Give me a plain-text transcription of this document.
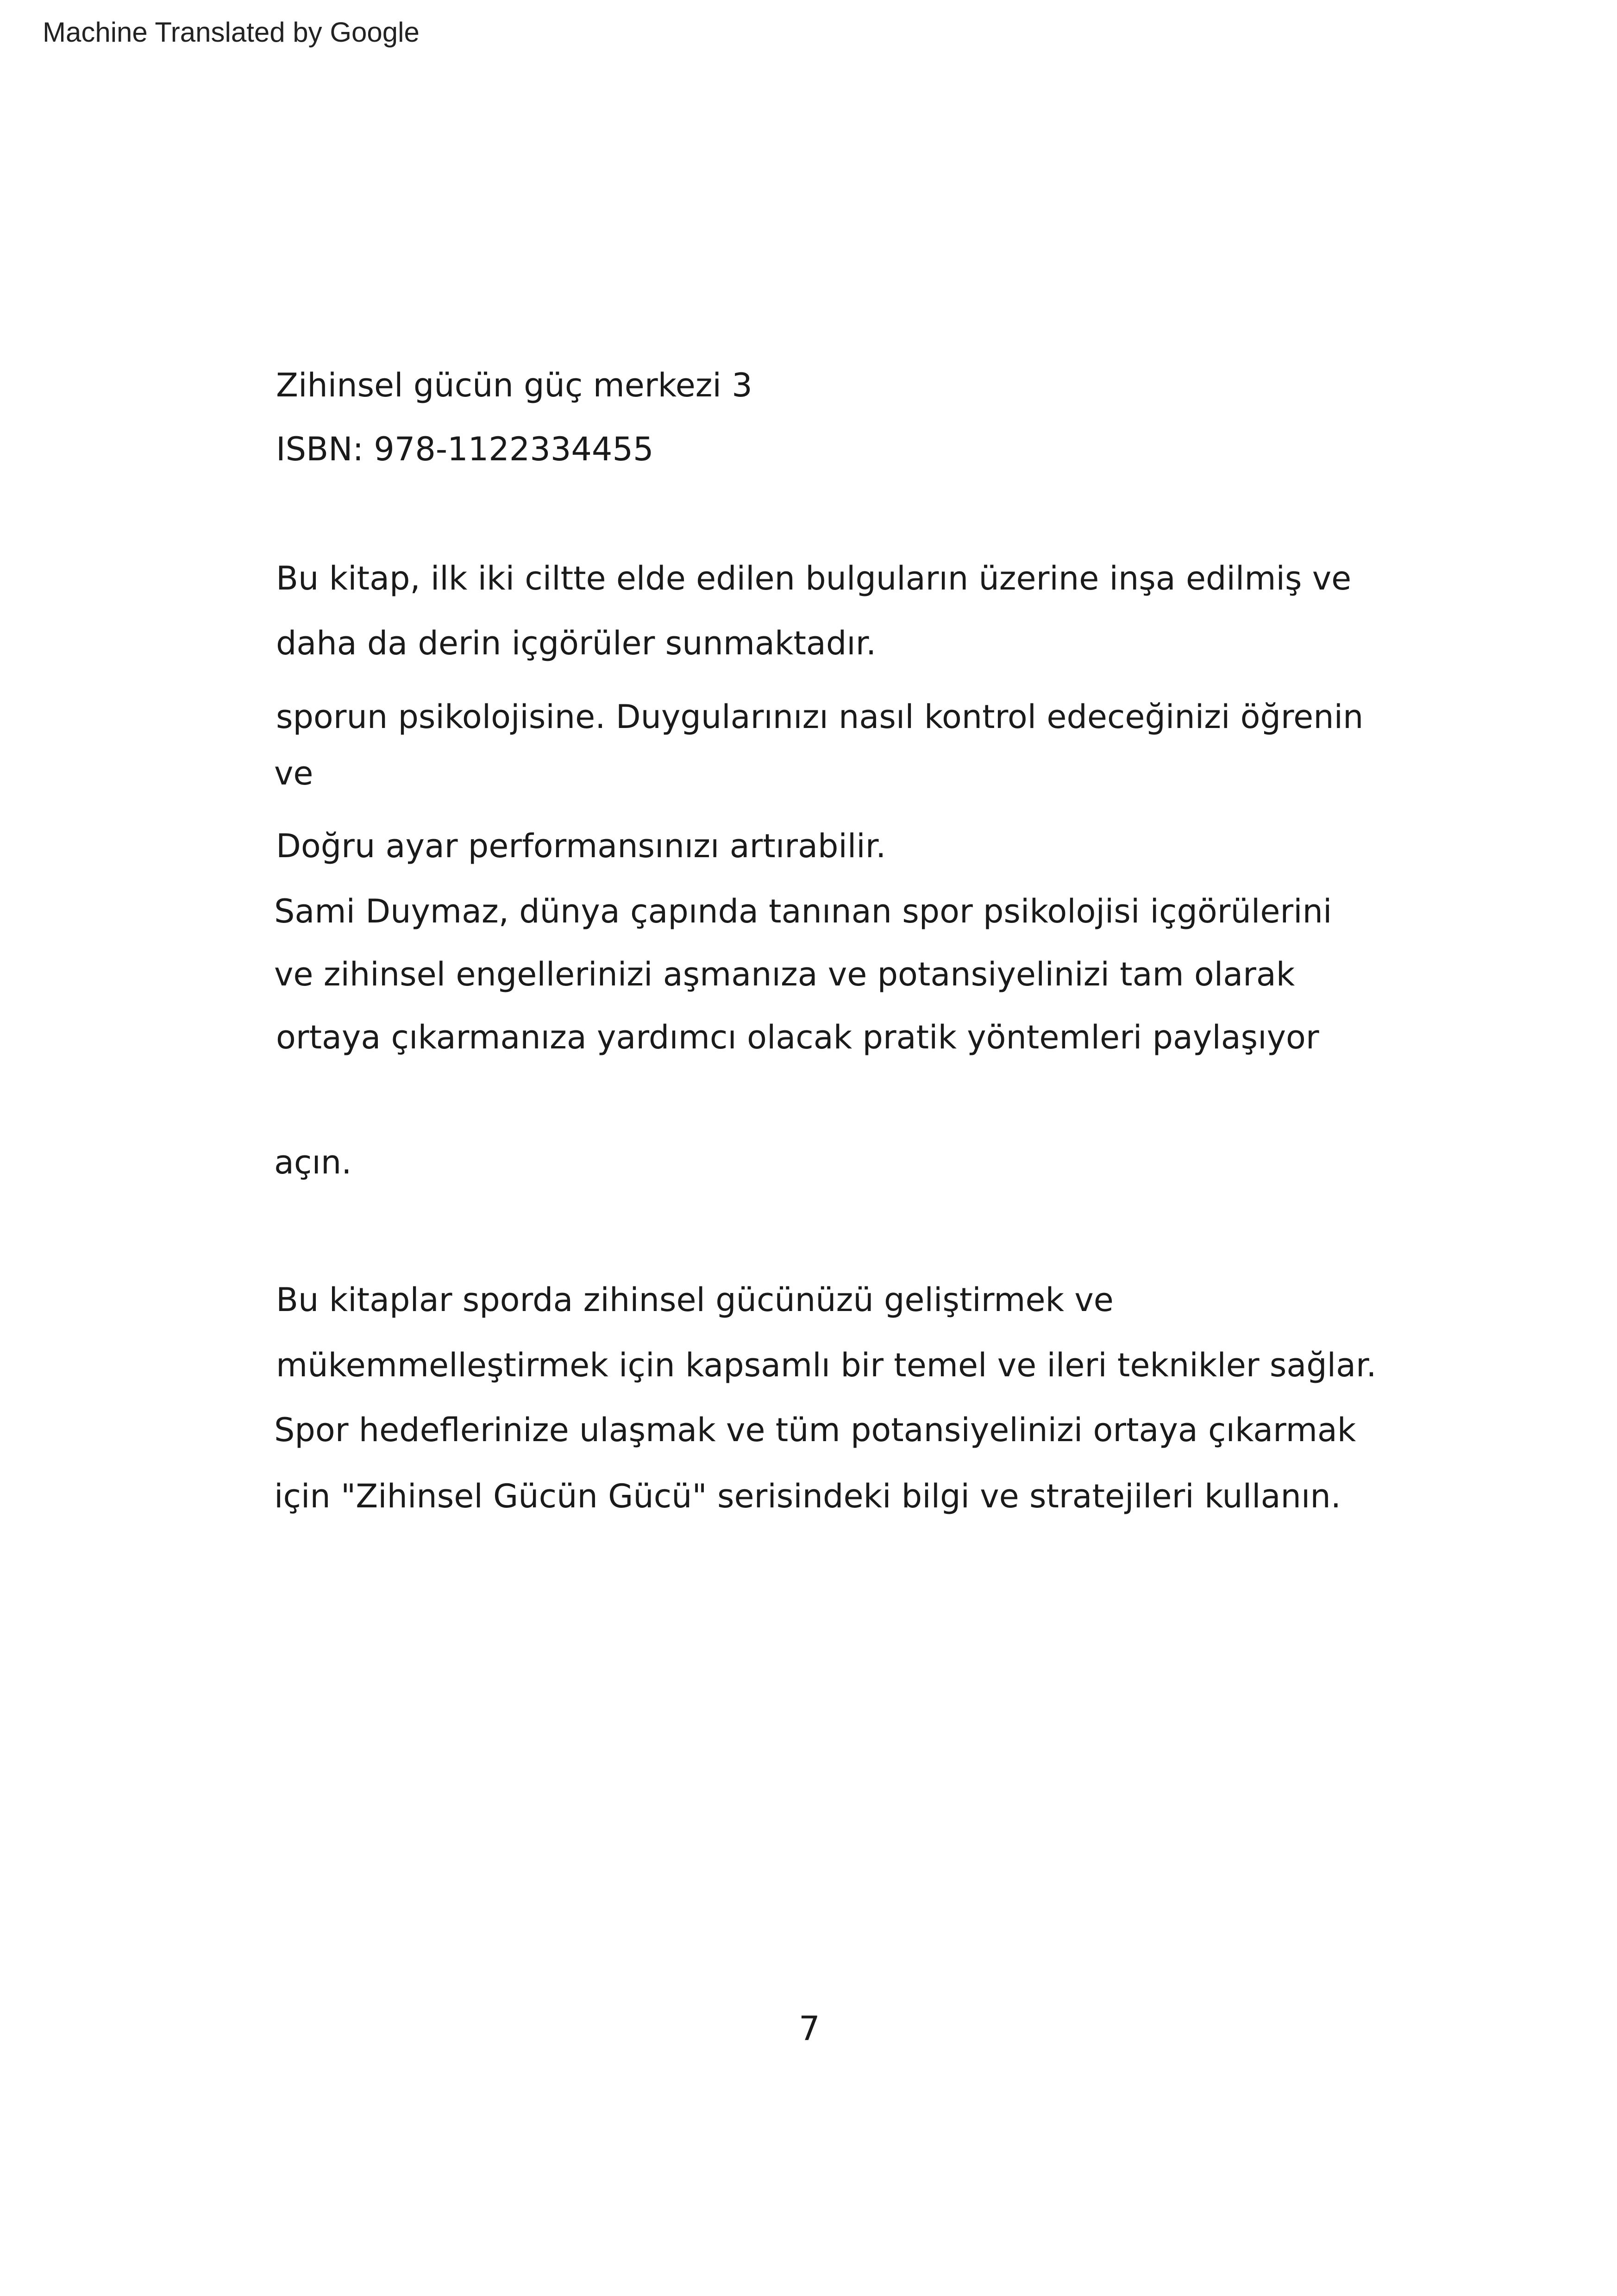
Machine Translated by Google
Zihinsel gücün güç merkezi 3
ISBN: 978-1122334455
Bu kitap, ilk iki ciltte elde edilen bulguların üzerine inşa edilmiş ve
daha da derin içgörüler sunmaktadır.
sporun psikolojisine. Duygularınızı nasıl kontrol edeceğinizi öğrenin
ve
Doğru ayar performansınızı artırabilir.
Sami Duymaz, dünya çapında tanınan spor psikolojisi içgörülerini
ve zihinsel engellerinizi aşmanıza ve potansiyelinizi tam olarak
ortaya çıkarmanıza yardımcı olacak pratik yöntemleri paylaşıyor
açın.
Bu kitaplar sporda zihinsel gücünüzü geliştirmek ve
mükemmelleştirmek için kapsamlı bir temel ve ileri teknikler sağlar.
Spor hedeflerinize ulaşmak ve tüm potansiyelinizi ortaya çıkarmak
için "Zihinsel Gücün Gücü" serisindeki bilgi ve stratejileri kullanın.
7
